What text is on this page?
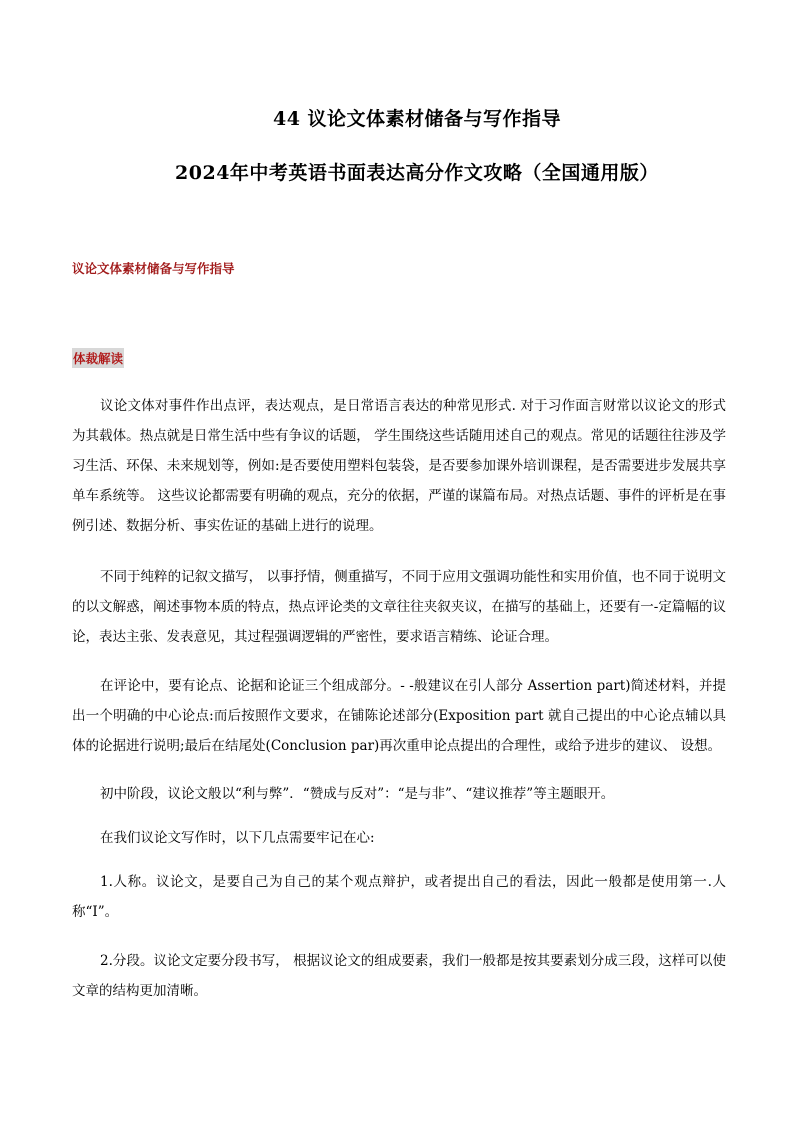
44 议论文体素材储备与写作指导
2024年中考英语书面表达高分作文攻略（全国通用版）
议论文体素材储备与写作指导
体裁解读
议论文体对事件作出点评，表达观点，是日常语言表达的种常见形式. 对于习作面言财常以议论文的形式为其载体。热点就是日常生活中些有争议的话题， 学生围绕这些话随用述自己的观点。常见的话题往往涉及学习生活、环保、未来规划等，例如:是否要使用塑料包装袋，是否要参加课外培训课程，是否需要进步发展共享单车系统等。 这些议论都需要有明确的观点，充分的依据，严谨的谋篇布局。对热点话题、事件的评析是在事例引述、数据分析、事实佐证的基础上进行的说理。
不同于纯粹的记叙文描写， 以事抒情，侧重描写，不同于应用文强调功能性和实用价值，也不同于说明文的以文解惑，阐述事物本质的特点，热点评论类的文章往往夹叙夹议，在描写的基础上，还要有一-定篇幅的议论，表达主张、发表意见，其过程强调逻辑的严密性，要求语言精练、论证合理。
在评论中，要有论点、论据和论证三个组成部分。- -般建议在引人部分 Assertion part)简述材料，并提出一个明确的中心论点:而后按照作文要求，在铺陈论述部分(Exposition part 就自己提出的中心论点辅以具体的论据进行说明;最后在结尾处(Conclusion par)再次重申论点提出的合理性，或给予进步的建议、 设想。
初中阶段，议论文般以“利与弊”．“赞成与反对”：“是与非”、“建议推荐”等主题眼开。
在我们议论文写作时，以下几点需要牢记在心:
1.人称。议论文，是要自己为自己的某个观点辩护，或者提出自己的看法，因此一般都是使用第一.人称“I”。
2.分段。议论文定要分段书写， 根据议论文的组成要素，我们一般都是按其要素划分成三段，这样可以使文章的结构更加清晰。
